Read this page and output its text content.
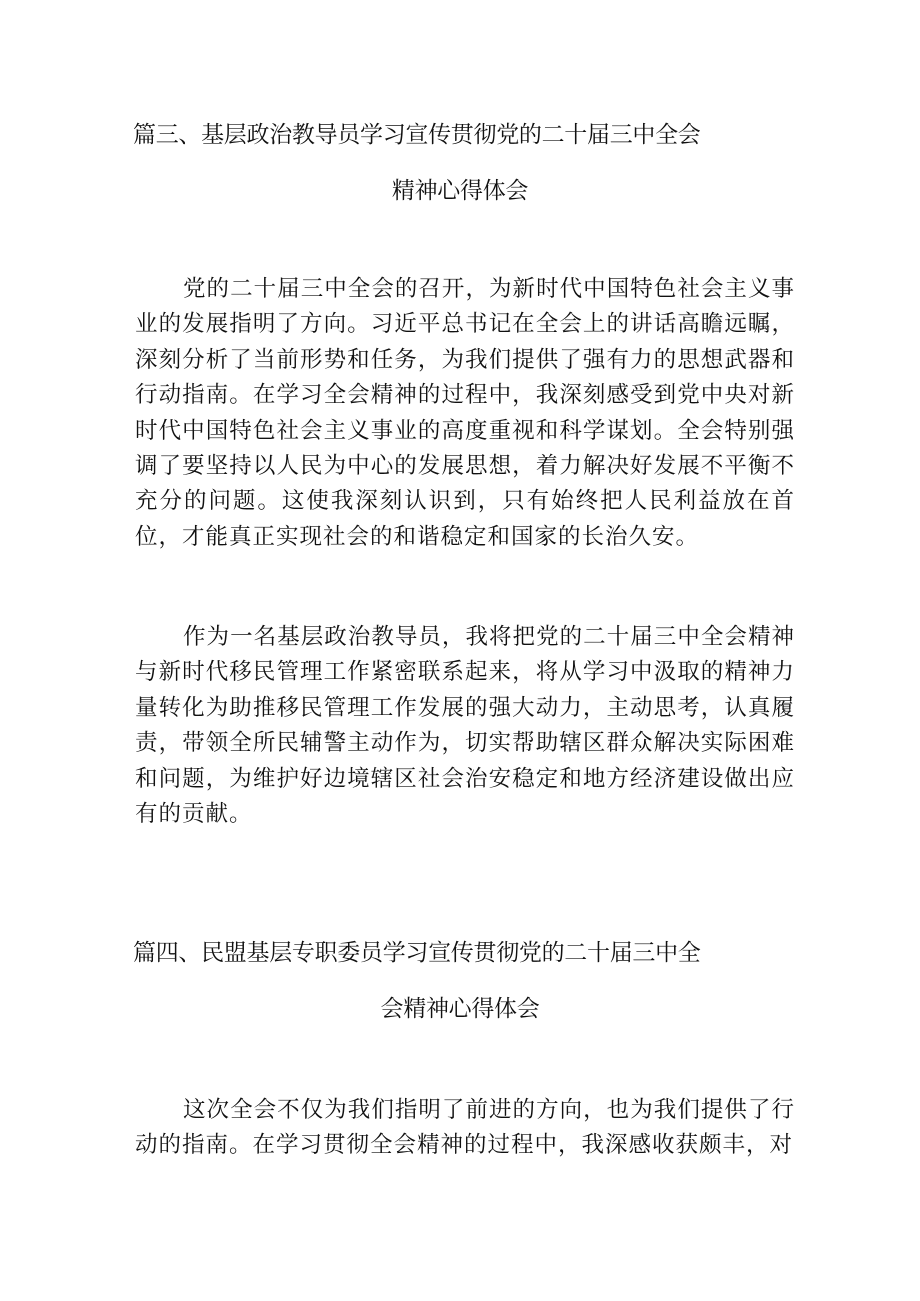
篇三、基层政治教导员学习宣传贯彻党的二十届三中全会
精神心得体会

党的二十届三中全会的召开，为新时代中国特色社会主义事业的发展指明了方向。习近平总书记在全会上的讲话高瞻远瞩，深刻分析了当前形势和任务，为我们提供了强有力的思想武器和行动指南。在学习全会精神的过程中，我深刻感受到党中央对新时代中国特色社会主义事业的高度重视和科学谋划。全会特别强调了要坚持以人民为中心的发展思想，着力解决好发展不平衡不充分的问题。这使我深刻认识到，只有始终把人民利益放在首位，才能真正实现社会的和谐稳定和国家的长治久安。

作为一名基层政治教导员，我将把党的二十届三中全会精神与新时代移民管理工作紧密联系起来，将从学习中汲取的精神力量转化为助推移民管理工作发展的强大动力，主动思考，认真履责，带领全所民辅警主动作为，切实帮助辖区群众解决实际困难和问题，为维护好边境辖区社会治安稳定和地方经济建设做出应有的贡献。

篇四、民盟基层专职委员学习宣传贯彻党的二十届三中全
会精神心得体会

这次全会不仅为我们指明了前进的方向，也为我们提供了行动的指南。在学习贯彻全会精神的过程中，我深感收获颇丰，对
